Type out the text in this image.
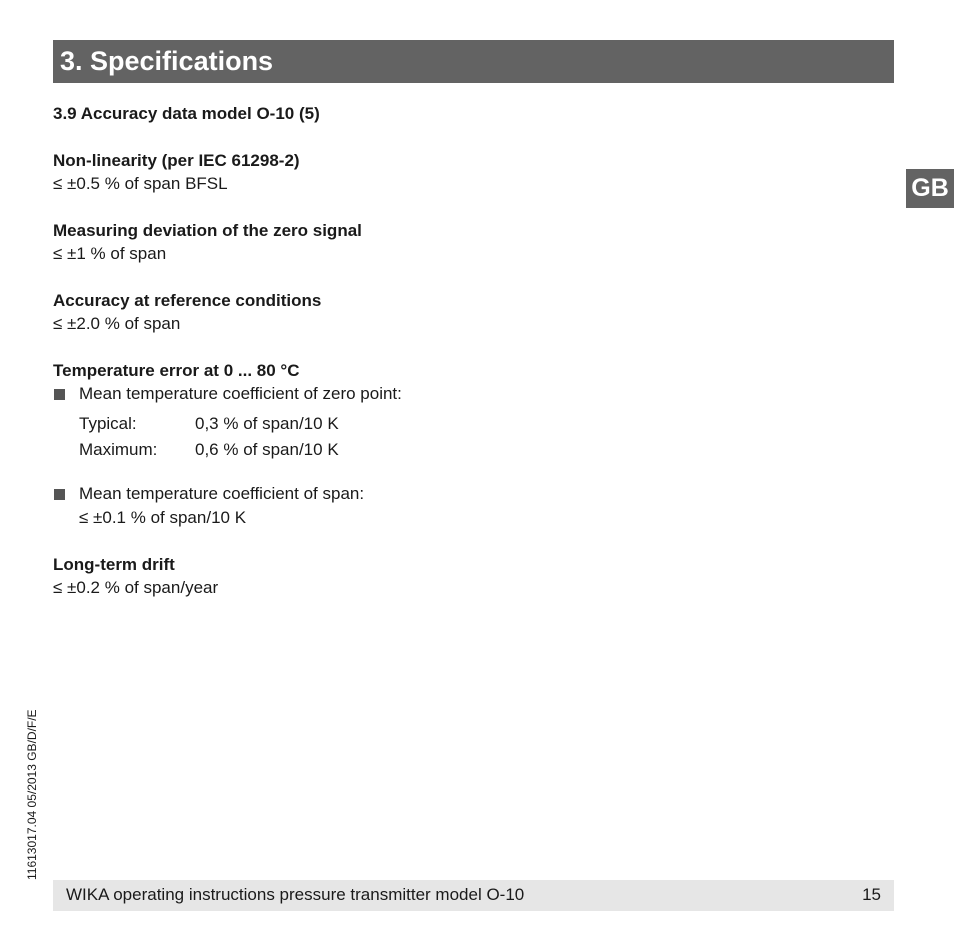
3. Specifications
GB
3.9 Accuracy data model O-10 (5)
Non-linearity (per IEC 61298-2)
≤ ±0.5 % of span BFSL
Measuring deviation of the zero signal
≤ ±1 % of span
Accuracy at reference conditions
≤ ±2.0 % of span
Temperature error at 0 ... 80 °C
Mean temperature coefficient of zero point:
Typical:	0,3 % of span/10 K
Maximum: 0,6 % of span/10 K
Mean temperature coefficient of span:
≤ ±0.1 % of span/10 K
Long-term drift
≤ ±0.2 % of span/year
11613017.04 05/2013 GB/D/F/E
WIKA operating instructions pressure transmitter model O-10	15
